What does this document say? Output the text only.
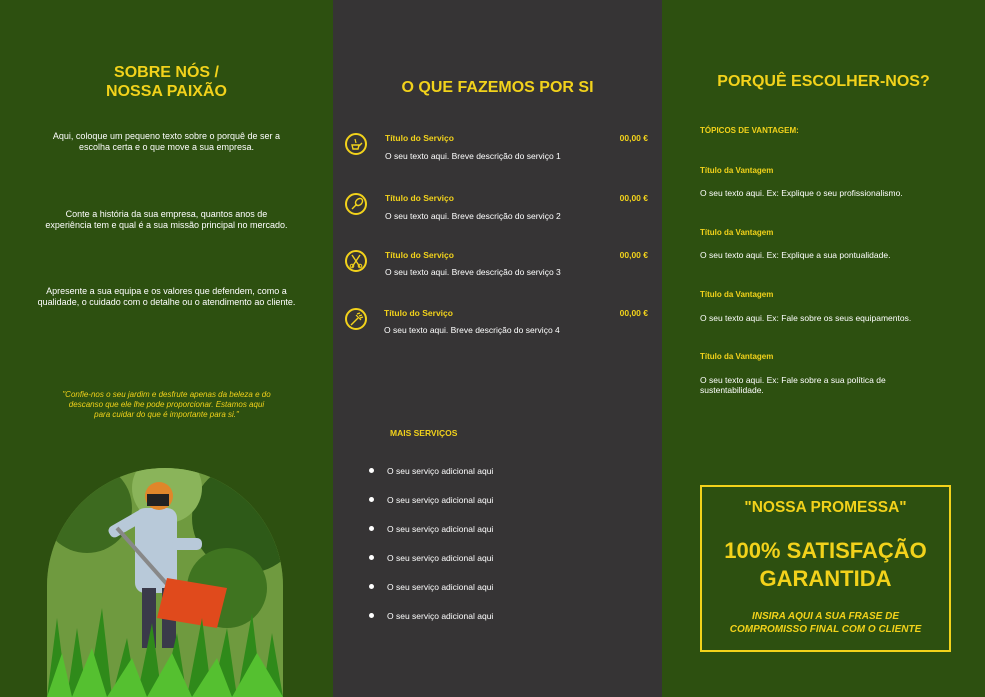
SOBRE NÓS /
NOSSA PAIXÃO
Aqui, coloque um pequeno texto sobre o porquê de ser a
escolha certa e o que move a sua empresa.
Conte a história da sua empresa, quantos anos de
experiência tem e qual é a sua missão principal no mercado.
Apresente a sua equipa e os valores que defendem, como a
qualidade, o cuidado com o detalhe ou o atendimento ao cliente.
"Confie-nos o seu jardim e desfrute apenas da beleza e do
descanso que ele lhe pode proporcionar. Estamos aqui
para cuidar do que é importante para si."
O QUE FAZEMOS POR SI
Título do Serviço	00,00 €
O seu texto aqui. Breve descrição do serviço 1
Título do Serviço	00,00 €
O seu texto aqui. Breve descrição do serviço 2
Título do Serviço	00,00 €
O seu texto aqui. Breve descrição do serviço 3
Título do Serviço	00,00 €
O seu texto aqui. Breve descrição do serviço 4
MAIS SERVIÇOS
O seu serviço adicional aqui
O seu serviço adicional aqui
O seu serviço adicional aqui
O seu serviço adicional aqui
O seu serviço adicional aqui
O seu serviço adicional aqui
PORQUÊ ESCOLHER-NOS?
TÓPICOS DE VANTAGEM:
Título da Vantagem
O seu texto aqui. Ex: Explique o seu profissionalismo.
Título da Vantagem
O seu texto aqui. Ex: Explique a sua pontualidade.
Título da Vantagem
O seu texto aqui. Ex: Fale sobre os seus equipamentos.
Título da Vantagem
O seu texto aqui. Ex: Fale sobre a sua política de
sustentabilidade.
"NOSSA PROMESSA"
100% SATISFAÇÃO
GARANTIDA
INSIRA AQUI A SUA FRASE DE
COMPROMISSO FINAL COM O CLIENTE
